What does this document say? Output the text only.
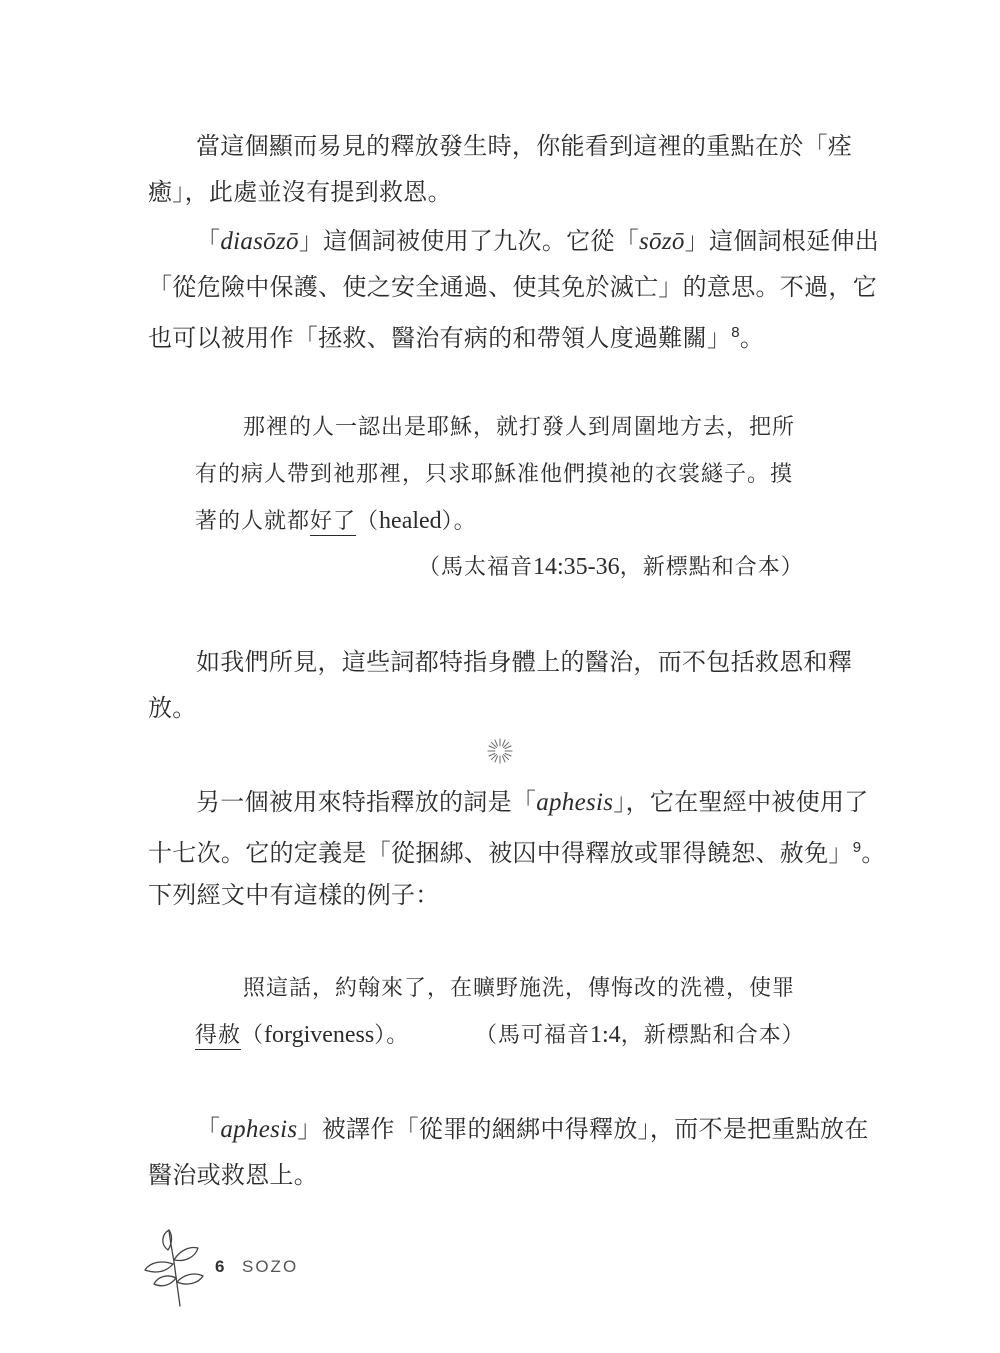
當這個顯而易見的釋放發生時，你能看到這裡的重點在於「痊
癒」，此處並沒有提到救恩。
「diasōzō」這個詞被使用了九次。它從「sōzō」這個詞根延伸出
「從危險中保護、使之安全通過、使其免於滅亡」的意思。不過，它
也可以被用作「拯救、醫治有病的和帶領人度過難關」$^8$。
那裡的人一認出是耶穌，就打發人到周圍地方去，把所
有的病人帶到祂那裡，只求耶穌准他們摸祂的衣裳繸子。摸
著的人就都好了（healed）。
（馬太福音14:35-36，新標點和合本）
如我們所見，這些詞都特指身體上的醫治，而不包括救恩和釋
放。
另一個被用來特指釋放的詞是「aphesis」，它在聖經中被使用了
十七次。它的定義是「從捆綁、被囚中得釋放或罪得饒恕、赦免」$^9$。
下列經文中有這樣的例子：
照這話，約翰來了，在曠野施洗，傳悔改的洗禮，使罪
得赦（forgiveness）。	（馬可福音1:4，新標點和合本）
「aphesis」被譯作「從罪的綑綁中得釋放」，而不是把重點放在
醫治或救恩上。
6 SOZO
